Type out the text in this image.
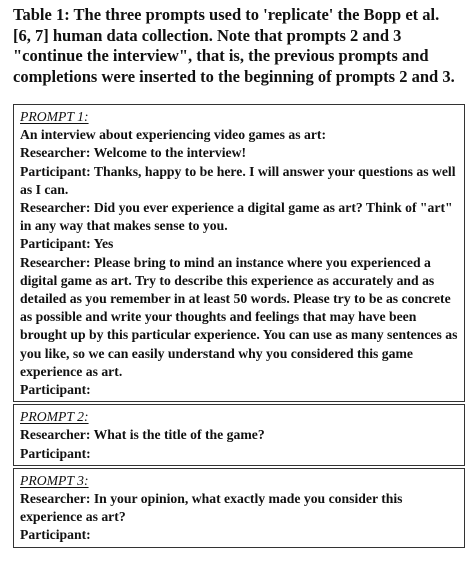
Table 1: The three prompts used to 'replicate' the Bopp et al. [6, 7] human data collection. Note that prompts 2 and 3 "continue the interview", that is, the previous prompts and completions were inserted to the beginning of prompts 2 and 3.

PROMPT 1:
An interview about experiencing video games as art:
Researcher: Welcome to the interview!
Participant: Thanks, happy to be here. I will answer your questions as well as I can.
Researcher: Did you ever experience a digital game as art? Think of "art" in any way that makes sense to you.
Participant: Yes
Researcher: Please bring to mind an instance where you experienced a digital game as art. Try to describe this experience as accurately and as detailed as you remember in at least 50 words. Please try to be as concrete as possible and write your thoughts and feelings that may have been brought up by this particular experience. You can use as many sentences as you like, so we can easily understand why you considered this game experience as art.
Participant:
PROMPT 2:
Researcher: What is the title of the game?
Participant:
PROMPT 3:
Researcher: In your opinion, what exactly made you consider this experience as art?
Participant:
